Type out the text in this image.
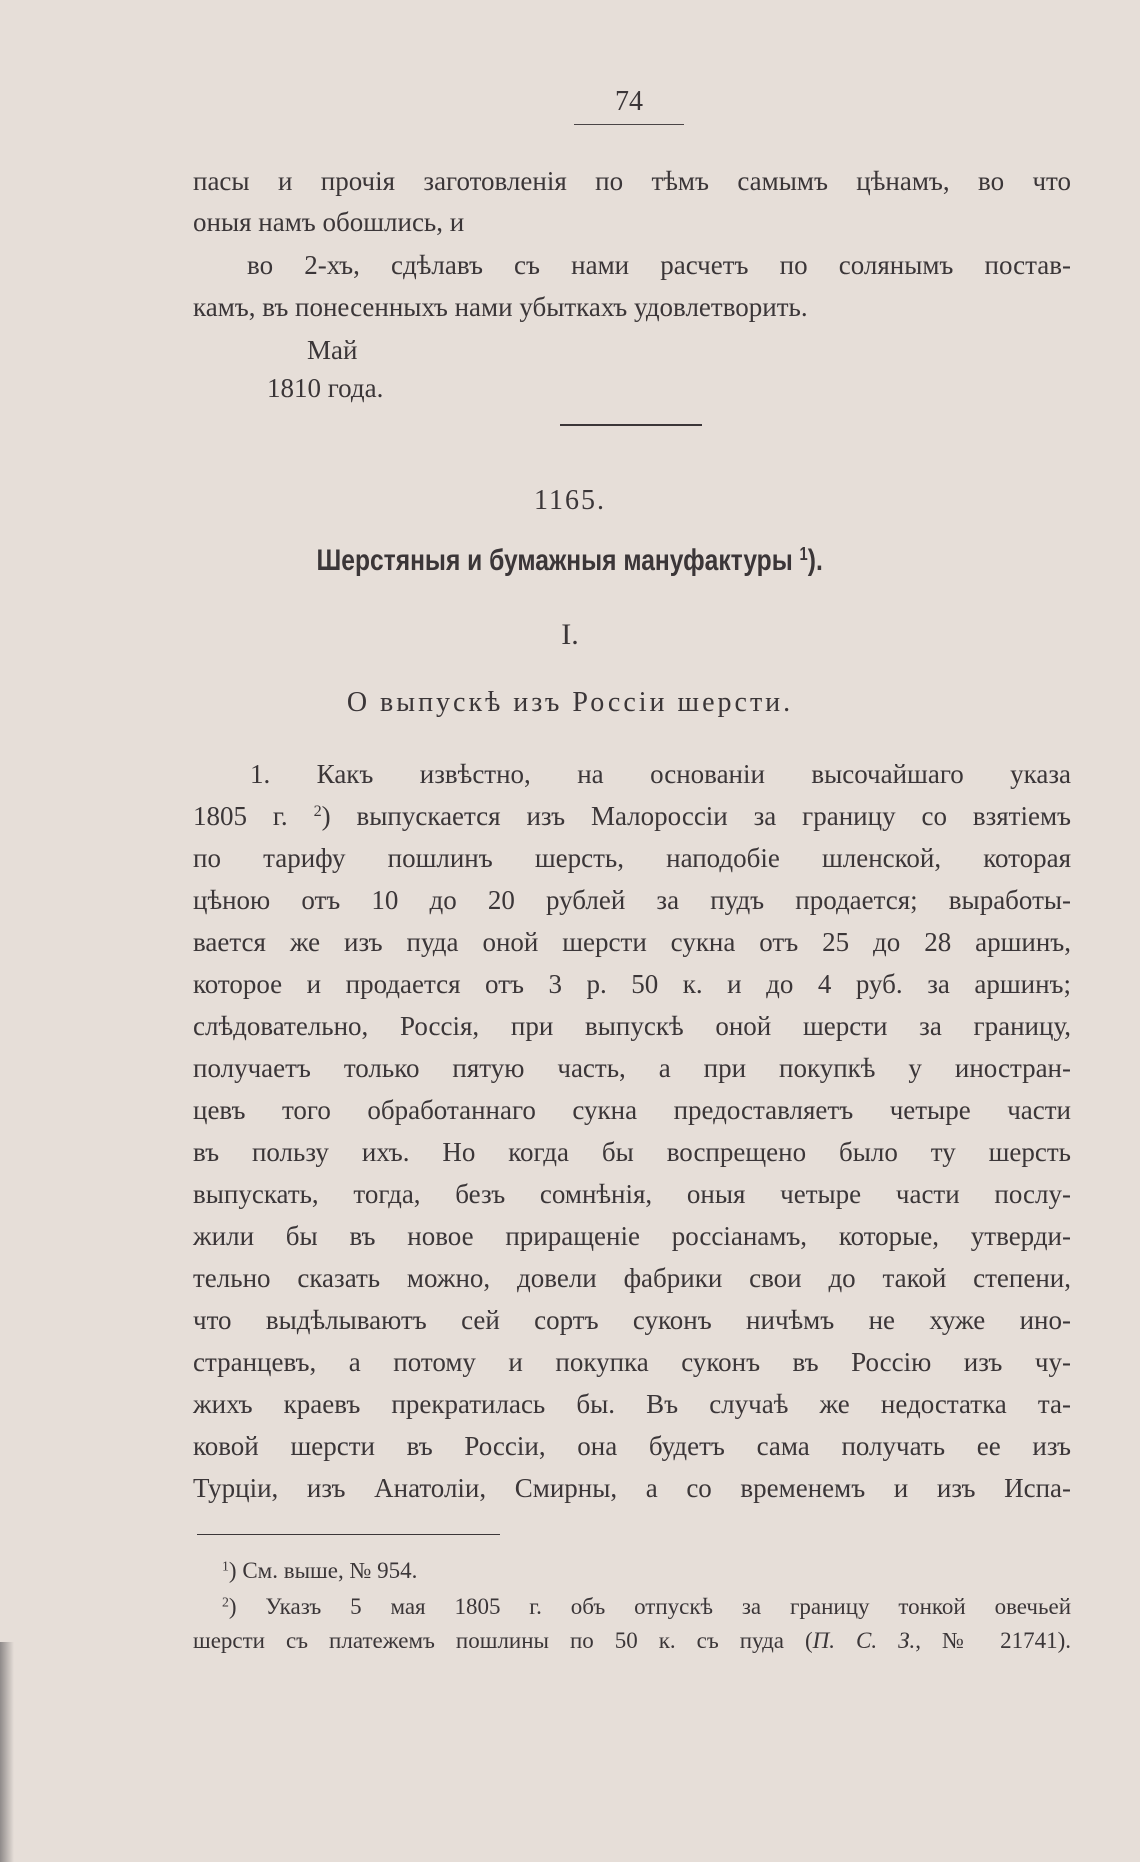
74
пасы и прочія заготовленія по тѣмъ самымъ цѣнамъ, во что
оныя намъ обошлись, и
во 2-хъ, сдѣлавъ съ нами расчетъ по солянымъ постав-
камъ, въ понесенныхъ нами убыткахъ удовлетворить.
Май
1810 года.
1165.
Шерстяныя и бумажныя мануфактуры $^1$).
I.
О выпускѣ изъ Россіи шерсти.
1. Какъ извѣстно, на основаніи высочайшаго указа
1805 г. $^2$) выпускается изъ Малороссіи за границу со взятіемъ
по тарифу пошлинъ шерсть, наподобіе шленской, которая
цѣною отъ 10 до 20 рублей за пудъ продается; выработы-
вается же изъ пуда оной шерсти сукна отъ 25 до 28 аршинъ,
которое и продается отъ 3 р. 50 к. и до 4 руб. за аршинъ;
слѣдовательно, Россія, при выпускѣ оной шерсти за границу,
получаетъ только пятую часть, а при покупкѣ у иностран-
цевъ того обработаннаго сукна предоставляетъ четыре части
въ пользу ихъ. Но когда бы воспрещено было ту шерсть
выпускать, тогда, безъ сомнѣнія, оныя четыре части послу-
жили бы въ новое приращеніе россіанамъ, которые, утверди-
тельно сказать можно, довели фабрики свои до такой степени,
что выдѣлываютъ сей сортъ суконъ ничѣмъ не хуже ино-
странцевъ, а потому и покупка суконъ въ Россію изъ чу-
жихъ краевъ прекратилась бы. Въ случаѣ же недостатка та-
ковой шерсти въ Россіи, она будетъ сама получать ее изъ
Турціи, изъ Анатоліи, Смирны, а со временемъ и изъ Испа-
$^1$) См. выше, № 954.
$^2$) Указъ 5 мая 1805 г. объ отпускѣ за границу тонкой овечьей
шерсти съ платежемъ пошлины по 50 к. съ пуда (П. С. З., № 21741).
